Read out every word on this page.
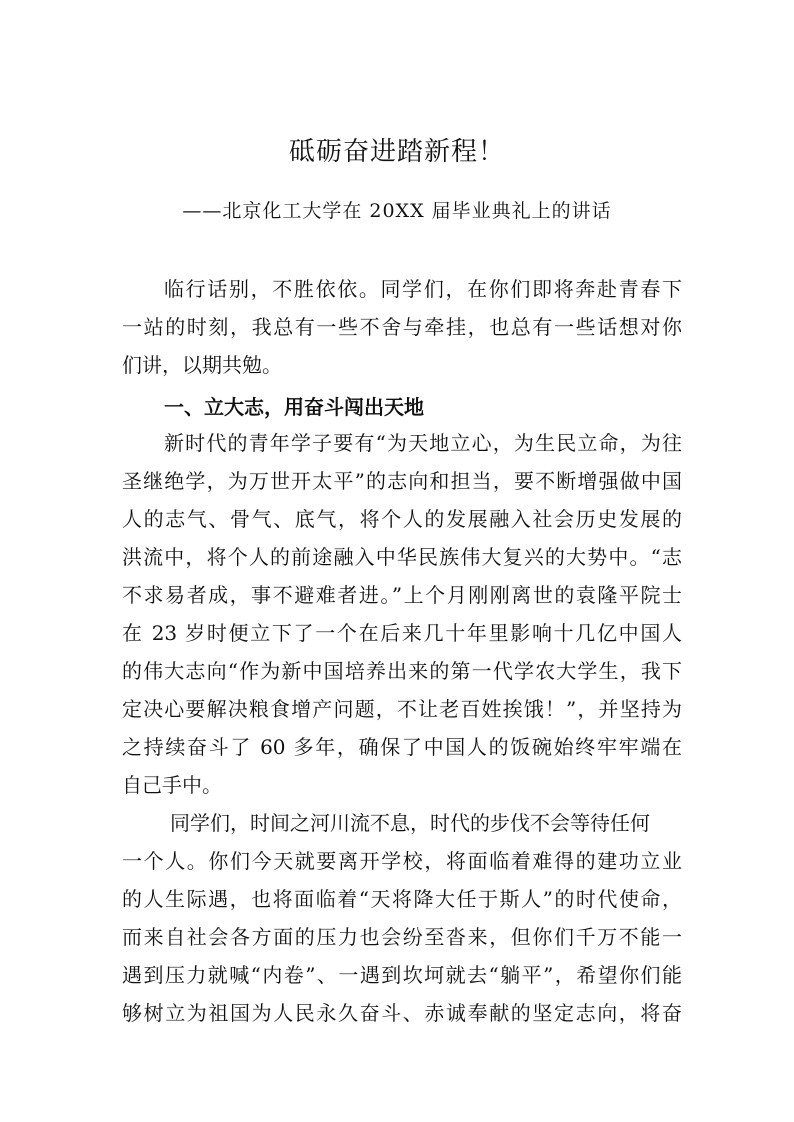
砥砺奋进踏新程！
——北京化工大学在 20XX 届毕业典礼上的讲话
临行话别，不胜依依。同学们，在你们即将奔赴青春下
一站的时刻，我总有一些不舍与牵挂，也总有一些话想对你
们讲，以期共勉。
一、立大志，用奋斗闯出天地
新时代的青年学子要有“为天地立心，为生民立命，为往
圣继绝学，为万世开太平”的志向和担当，要不断增强做中国
人的志气、骨气、底气，将个人的发展融入社会历史发展的
洪流中，将个人的前途融入中华民族伟大复兴的大势中。“志
不求易者成，事不避难者进。”上个月刚刚离世的袁隆平院士
在 23 岁时便立下了一个在后来几十年里影响十几亿中国人
的伟大志向“作为新中国培养出来的第一代学农大学生，我下
定决心要解决粮食增产问题，不让老百姓挨饿！”，并坚持为
之持续奋斗了 60 多年，确保了中国人的饭碗始终牢牢端在
自己手中。
同学们，时间之河川流不息，时代的步伐不会等待任何
一个人。你们今天就要离开学校，将面临着难得的建功立业
的人生际遇，也将面临着“天将降大任于斯人”的时代使命，
而来自社会各方面的压力也会纷至沓来，但你们千万不能一
遇到压力就喊“内卷”、一遇到坎坷就去“躺平”，希望你们能
够树立为祖国为人民永久奋斗、赤诚奉献的坚定志向，将奋
